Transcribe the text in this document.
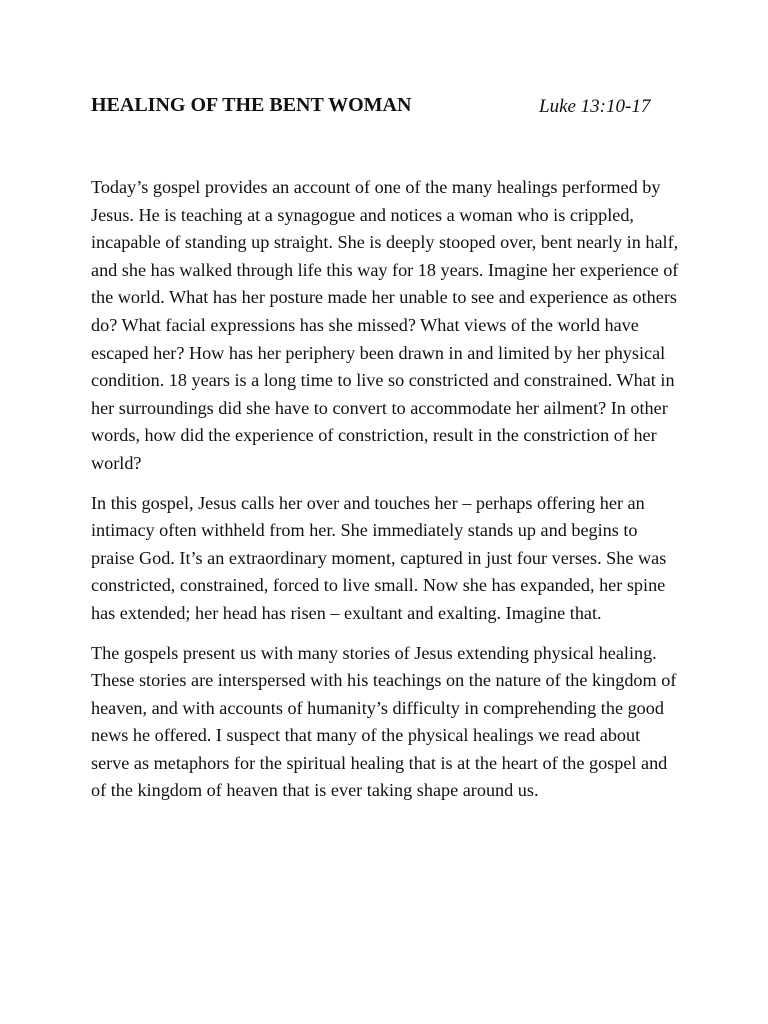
HEALING OF THE BENT WOMAN	Luke 13:10-17

Today’s gospel provides an account of one of the many healings performed by Jesus. He is teaching at a synagogue and notices a woman who is crippled, incapable of standing up straight. She is deeply stooped over, bent nearly in half, and she has walked through life this way for 18 years. Imagine her experience of the world. What has her posture made her unable to see and experience as others do? What facial expressions has she missed? What views of the world have escaped her? How has her periphery been drawn in and limited by her physical condition. 18 years is a long time to live so constricted and constrained. What in her surroundings did she have to convert to accommodate her ailment? In other words, how did the experience of constriction, result in the constriction of her world?

In this gospel, Jesus calls her over and touches her – perhaps offering her an intimacy often withheld from her. She immediately stands up and begins to praise God. It’s an extraordinary moment, captured in just four verses. She was constricted, constrained, forced to live small. Now she has expanded, her spine has extended; her head has risen – exultant and exalting. Imagine that.

The gospels present us with many stories of Jesus extending physical healing. These stories are interspersed with his teachings on the nature of the kingdom of heaven, and with accounts of humanity’s difficulty in comprehending the good news he offered. I suspect that many of the physical healings we read about serve as metaphors for the spiritual healing that is at the heart of the gospel and of the kingdom of heaven that is ever taking shape around us.
